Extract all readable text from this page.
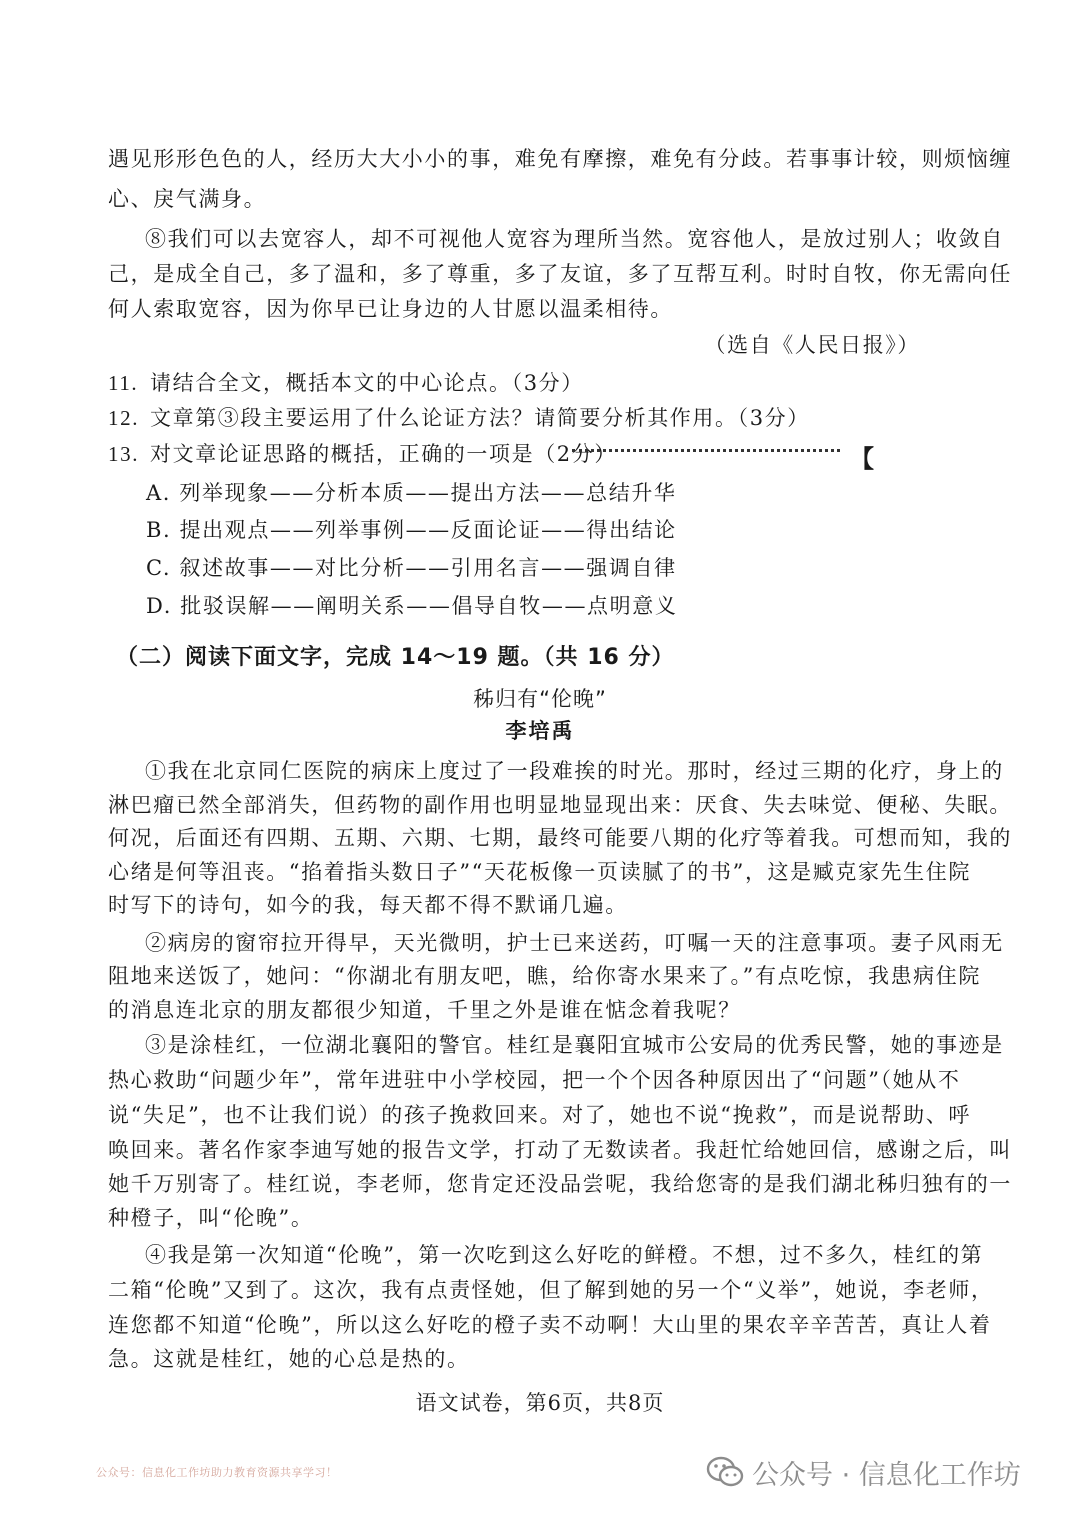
遇见形形色色的人，经历大大小小的事，难免有摩擦，难免有分歧。若事事计较，则烦恼缠
心、戾气满身。
⑧我们可以去宽容人，却不可视他人宽容为理所当然。宽容他人，是放过别人；收敛自
己，是成全自己，多了温和，多了尊重，多了友谊，多了互帮互利。时时自牧，你无需向任
何人索取宽容，因为你早已让身边的人甘愿以温柔相待。
（选自《人民日报》）
11. 请结合全文，概括本文的中心论点。（3分）
12. 文章第③段主要运用了什么论证方法？请简要分析其作用。（3分）
13. 对文章论证思路的概括，正确的一项是（2分）	【
A. 列举现象——分析本质——提出方法——总结升华
B. 提出观点——列举事例——反面论证——得出结论
C. 叙述故事——对比分析——引用名言——强调自律
D. 批驳误解——阐明关系——倡导自牧——点明意义
（二）阅读下面文字，完成 14～19 题。（共 16 分）
秭归有“伦晚”
李培禹
①我在北京同仁医院的病床上度过了一段难挨的时光。那时，经过三期的化疗，身上的
淋巴瘤已然全部消失，但药物的副作用也明显地显现出来：厌食、失去味觉、便秘、失眠。
何况，后面还有四期、五期、六期、七期，最终可能要八期的化疗等着我。可想而知，我的
心绪是何等沮丧。“掐着指头数日子”“天花板像一页读腻了的书”，这是臧克家先生住院
时写下的诗句，如今的我，每天都不得不默诵几遍。
②病房的窗帘拉开得早，天光微明，护士已来送药，叮嘱一天的注意事项。妻子风雨无
阻地来送饭了，她问：“你湖北有朋友吧，瞧，给你寄水果来了。”有点吃惊，我患病住院
的消息连北京的朋友都很少知道，千里之外是谁在惦念着我呢？
③是涂桂红，一位湖北襄阳的警官。桂红是襄阳宜城市公安局的优秀民警，她的事迹是
热心救助“问题少年”，常年进驻中小学校园，把一个个因各种原因出了“问题”（她从不
说“失足”，也不让我们说）的孩子挽救回来。对了，她也不说“挽救”，而是说帮助、呼
唤回来。著名作家李迪写她的报告文学，打动了无数读者。我赶忙给她回信，感谢之后，叫
她千万别寄了。桂红说，李老师，您肯定还没品尝呢，我给您寄的是我们湖北秭归独有的一
种橙子，叫“伦晚”。
④我是第一次知道“伦晚”，第一次吃到这么好吃的鲜橙。不想，过不多久，桂红的第
二箱“伦晚”又到了。这次，我有点责怪她，但了解到她的另一个“义举”，她说，李老师，
连您都不知道“伦晚”，所以这么好吃的橙子卖不动啊！大山里的果农辛辛苦苦，真让人着
急。这就是桂红，她的心总是热的。
语文试卷，第6页，共8页
公众号：信息化工作坊助力教育资源共享学习！	公众号 · 信息化工作坊
